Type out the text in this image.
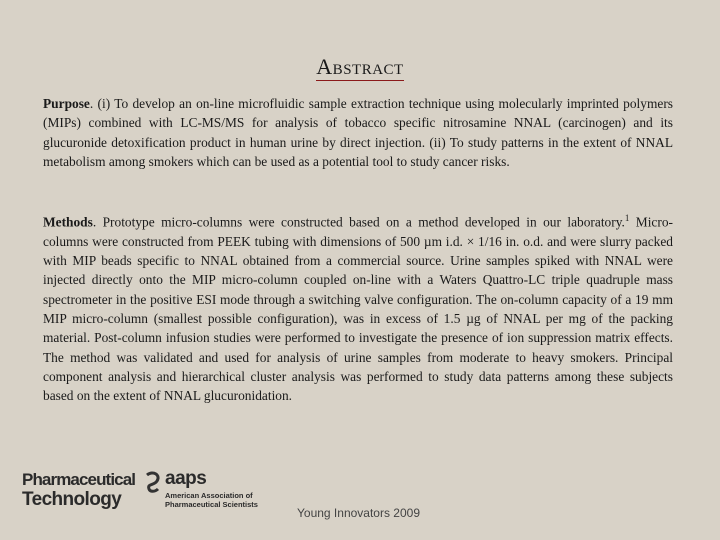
Abstract

Purpose. (i) To develop an on-line microfluidic sample extraction technique using molecularly imprinted polymers (MIPs) combined with LC-MS/MS for analysis of tobacco specific nitrosamine NNAL (carcinogen) and its glucuronide detoxification product in human urine by direct injection. (ii) To study patterns in the extent of NNAL metabolism among smokers which can be used as a potential tool to study cancer risks.

Methods. Prototype micro-columns were constructed based on a method developed in our laboratory.$^1$ Micro-columns were constructed from PEEK tubing with dimensions of 500 µm i.d. × 1/16 in. o.d. and were slurry packed with MIP beads specific to NNAL obtained from a commercial source. Urine samples spiked with NNAL were injected directly onto the MIP micro-column coupled on-line with a Waters Quattro-LC triple quadruple mass spectrometer in the positive ESI mode through a switching valve configuration. The on-column capacity of a 19 mm MIP micro-column (smallest possible configuration), was in excess of 1.5 µg of NNAL per mg of the packing material. Post-column infusion studies were performed to investigate the presence of ion suppression matrix effects. The method was validated and used for analysis of urine samples from moderate to heavy smokers. Principal component analysis and hierarchical cluster analysis was performed to study data patterns among these subjects based on the extent of NNAL glucuronidation.

Pharmaceutical
Technology
aaps
American Association of Pharmaceutical Scientists
Young Innovators 2009
